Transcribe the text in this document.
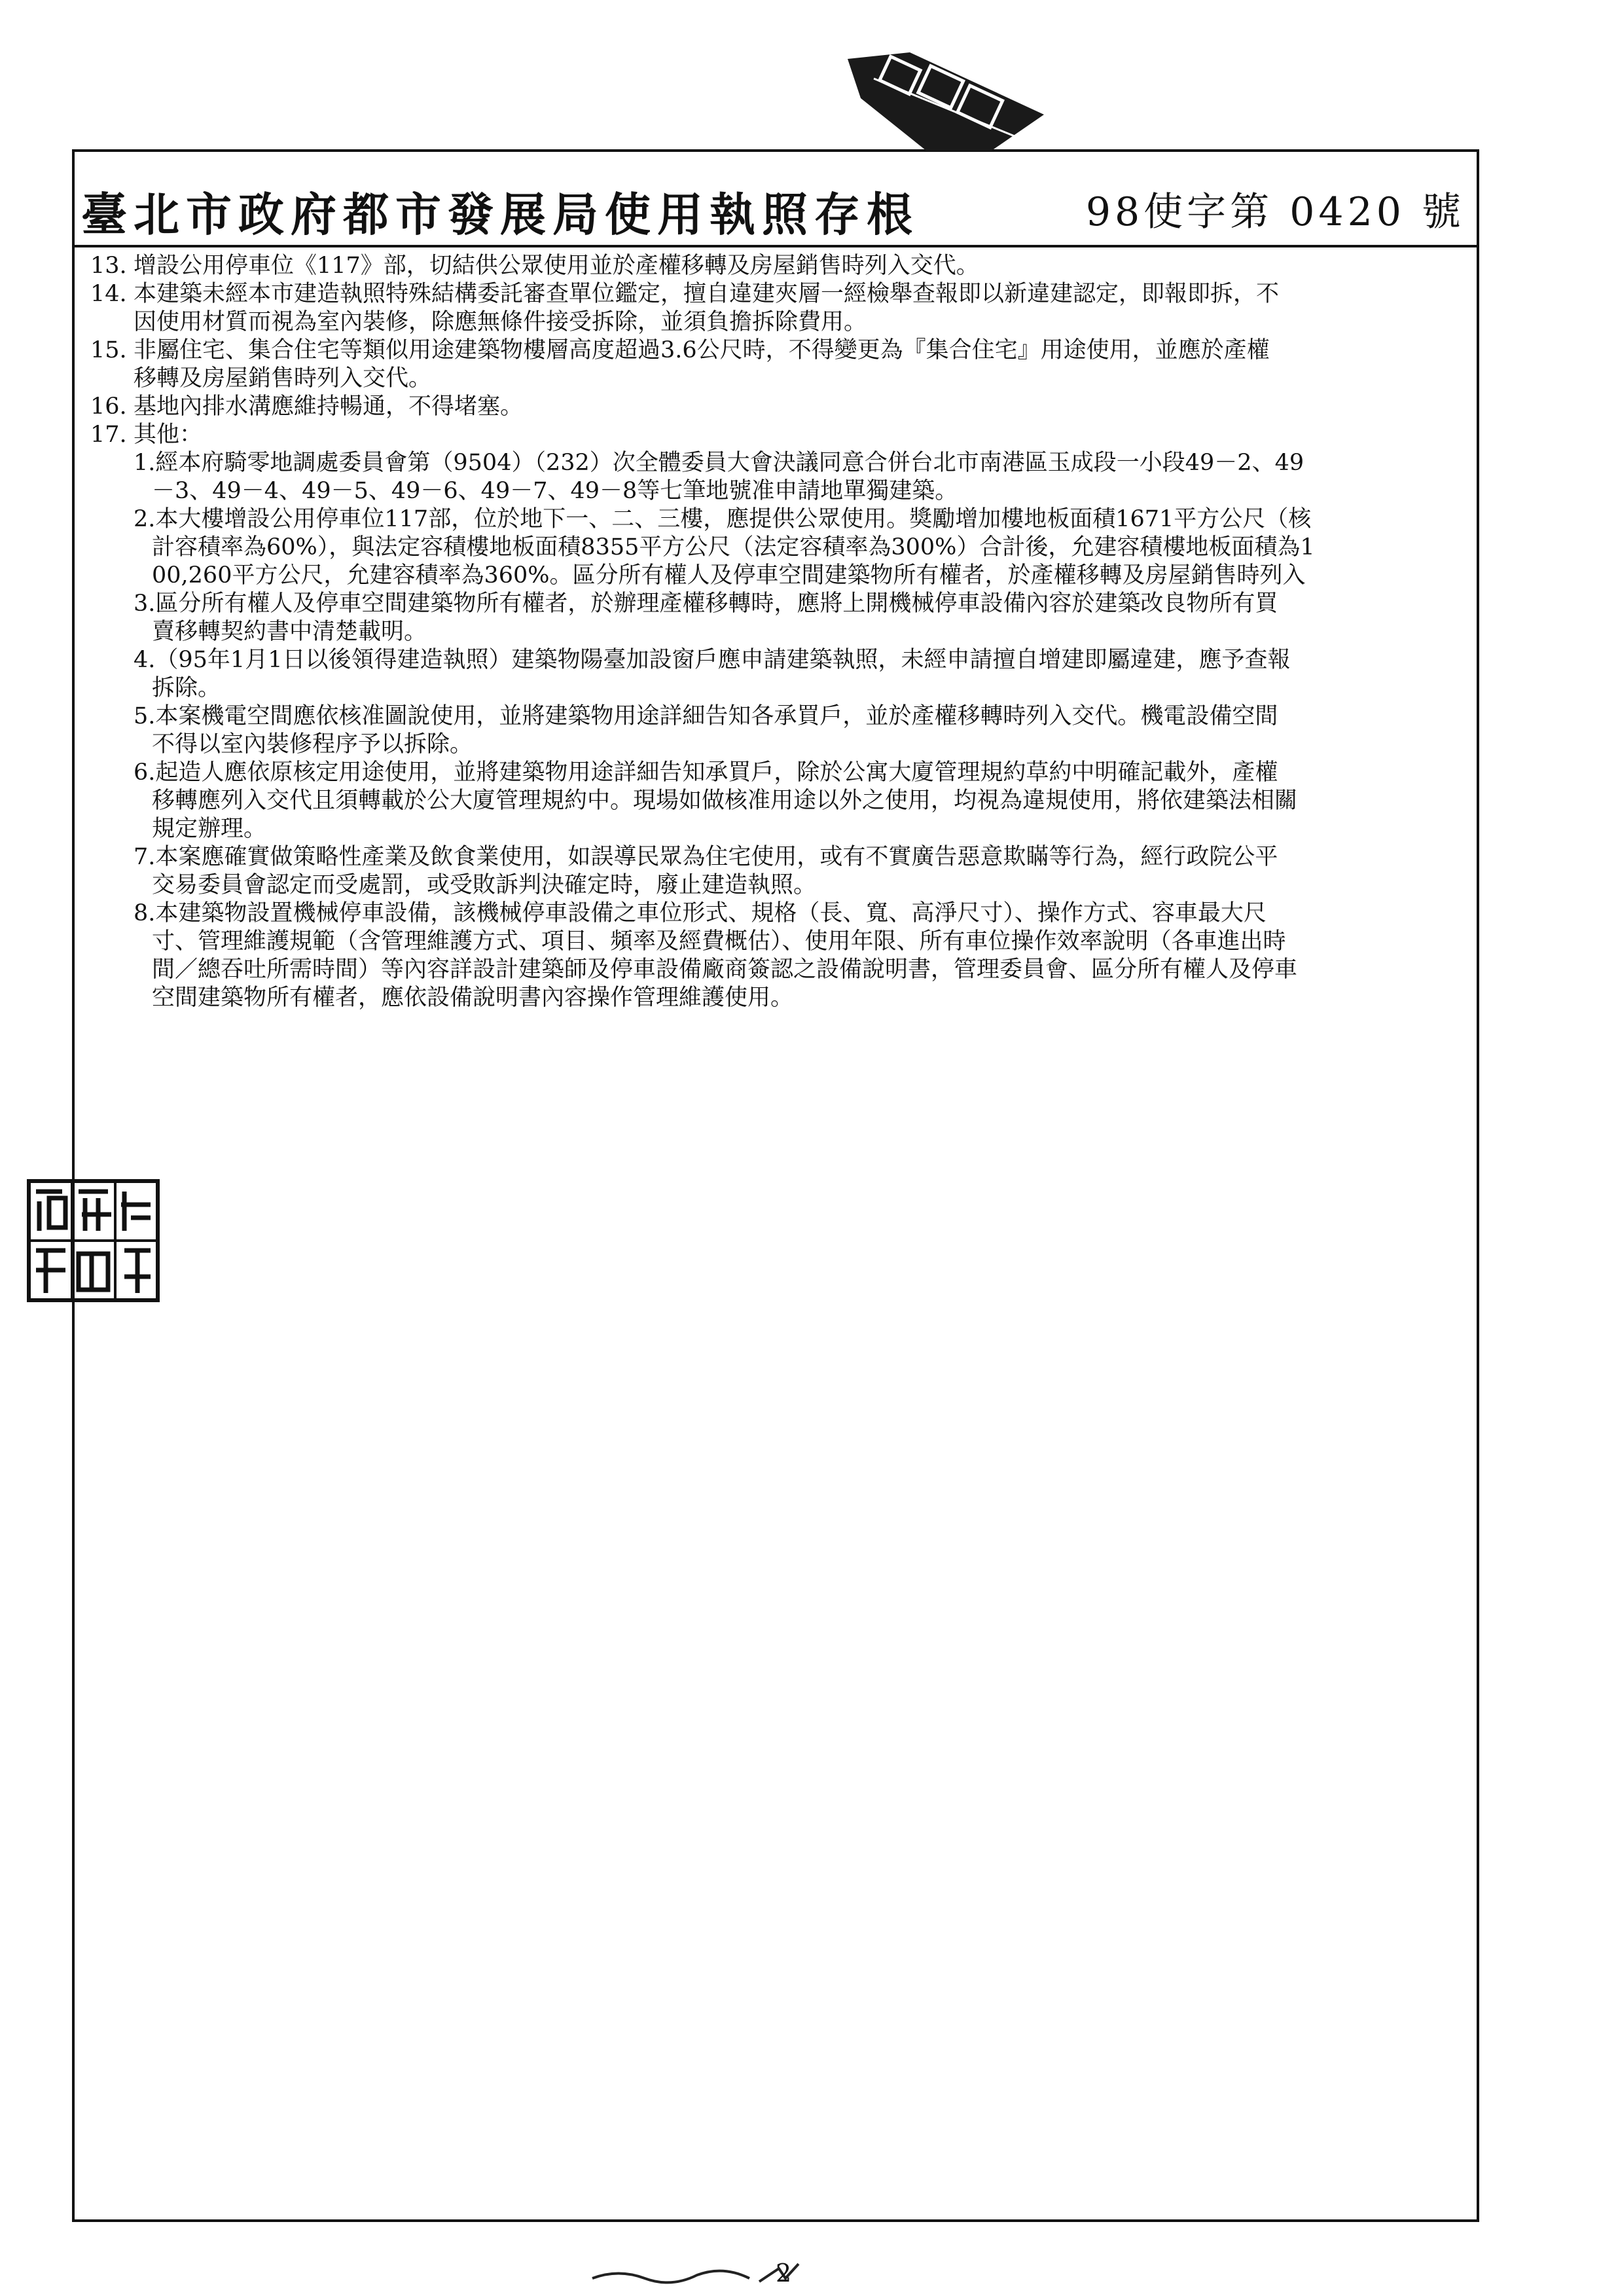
臺北市政府都市發展局使用執照存根	98使字第 0420 號
13. 增設公用停車位《117》部，切結供公眾使用並於產權移轉及房屋銷售時列入交代。
14. 本建築未經本市建造執照特殊結構委託審查單位鑑定，擅自違建夾層一經檢舉查報即以新違建認定，即報即拆，不
因使用材質而視為室內裝修，除應無條件接受拆除，並須負擔拆除費用。
15. 非屬住宅、集合住宅等類似用途建築物樓層高度超過3.6公尺時，不得變更為『集合住宅』用途使用，並應於產權
移轉及房屋銷售時列入交代。
16. 基地內排水溝應維持暢通，不得堵塞。
17. 其他：
1.經本府騎零地調處委員會第（9504）（232）次全體委員大會決議同意合併台北市南港區玉成段一小段49－2、49
－3、49－4、49－5、49－6、49－7、49－8等七筆地號准申請地單獨建築。
2.本大樓增設公用停車位117部，位於地下一、二、三樓，應提供公眾使用。獎勵增加樓地板面積1671平方公尺（核
計容積率為60%），與法定容積樓地板面積8355平方公尺（法定容積率為300%）合計後，允建容積樓地板面積為1
00,260平方公尺，允建容積率為360%。區分所有權人及停車空間建築物所有權者，於產權移轉及房屋銷售時列入
3.區分所有權人及停車空間建築物所有權者，於辦理產權移轉時，應將上開機械停車設備內容於建築改良物所有買
賣移轉契約書中清楚載明。
4.（95年1月1日以後領得建造執照）建築物陽臺加設窗戶應申請建築執照，未經申請擅自增建即屬違建，應予查報
拆除。
5.本案機電空間應依核准圖說使用，並將建築物用途詳細告知各承買戶，並於產權移轉時列入交代。機電設備空間
不得以室內裝修程序予以拆除。
6.起造人應依原核定用途使用，並將建築物用途詳細告知承買戶，除於公寓大廈管理規約草約中明確記載外，產權
移轉應列入交代且須轉載於公大廈管理規約中。現場如做核准用途以外之使用，均視為違規使用，將依建築法相關
規定辦理。
7.本案應確實做策略性產業及飲食業使用，如誤導民眾為住宅使用，或有不實廣告惡意欺瞞等行為，經行政院公平
交易委員會認定而受處罰，或受敗訴判決確定時，廢止建造執照。
8.本建築物設置機械停車設備，該機械停車設備之車位形式、規格（長、寬、高淨尺寸）、操作方式、容車最大尺
寸、管理維護規範（含管理維護方式、項目、頻率及經費概估）、使用年限、所有車位操作效率說明（各車進出時
間／總吞吐所需時間）等內容詳設計建築師及停車設備廠商簽認之設備說明書，管理委員會、區分所有權人及停車
空間建築物所有權者，應依設備說明書內容操作管理維護使用。
2
